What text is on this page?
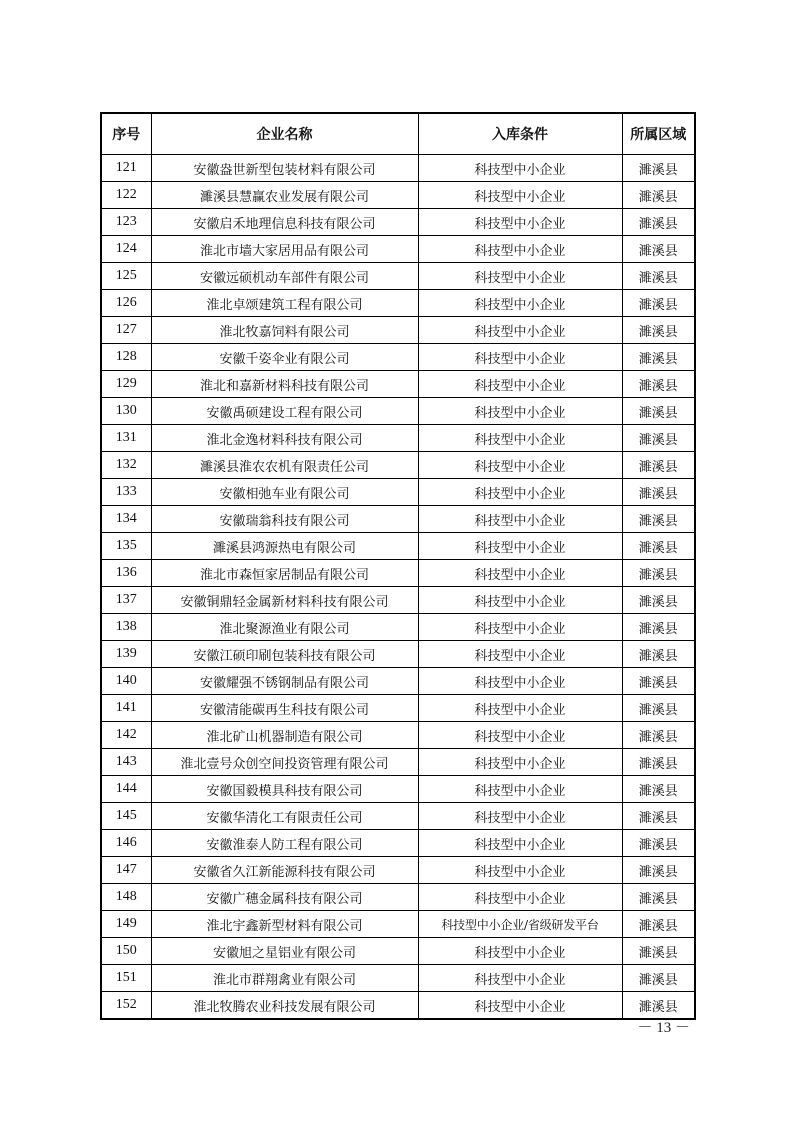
序号	企业名称	入库条件	所属区域
121	安徽盎世新型包装材料有限公司	科技型中小企业	濉溪县
122	濉溪县慧赢农业发展有限公司	科技型中小企业	濉溪县
123	安徽启禾地理信息科技有限公司	科技型中小企业	濉溪县
124	淮北市墙大家居用品有限公司	科技型中小企业	濉溪县
125	安徽远硕机动车部件有限公司	科技型中小企业	濉溪县
126	淮北卓颂建筑工程有限公司	科技型中小企业	濉溪县
127	淮北牧嘉饲料有限公司	科技型中小企业	濉溪县
128	安徽千姿伞业有限公司	科技型中小企业	濉溪县
129	淮北和嘉新材料科技有限公司	科技型中小企业	濉溪县
130	安徽禹硕建设工程有限公司	科技型中小企业	濉溪县
131	淮北金逸材料科技有限公司	科技型中小企业	濉溪县
132	濉溪县淮农农机有限责任公司	科技型中小企业	濉溪县
133	安徽相弛车业有限公司	科技型中小企业	濉溪县
134	安徽瑞翁科技有限公司	科技型中小企业	濉溪县
135	濉溪县鸿源热电有限公司	科技型中小企业	濉溪县
136	淮北市森恒家居制品有限公司	科技型中小企业	濉溪县
137	安徽铜鼎轻金属新材料科技有限公司	科技型中小企业	濉溪县
138	淮北聚源渔业有限公司	科技型中小企业	濉溪县
139	安徽江硕印刷包装科技有限公司	科技型中小企业	濉溪县
140	安徽耀强不锈钢制品有限公司	科技型中小企业	濉溪县
141	安徽清能碳再生科技有限公司	科技型中小企业	濉溪县
142	淮北矿山机器制造有限公司	科技型中小企业	濉溪县
143	淮北壹号众创空间投资管理有限公司	科技型中小企业	濉溪县
144	安徽国毅模具科技有限公司	科技型中小企业	濉溪县
145	安徽华清化工有限责任公司	科技型中小企业	濉溪县
146	安徽淮泰人防工程有限公司	科技型中小企业	濉溪县
147	安徽省久江新能源科技有限公司	科技型中小企业	濉溪县
148	安徽广穗金属科技有限公司	科技型中小企业	濉溪县
149	淮北宇鑫新型材料有限公司	科技型中小企业/省级研发平台	濉溪县
150	安徽旭之星铝业有限公司	科技型中小企业	濉溪县
151	淮北市群翔禽业有限公司	科技型中小企业	濉溪县
152	淮北牧腾农业科技发展有限公司	科技型中小企业	濉溪县
－ 13 －
